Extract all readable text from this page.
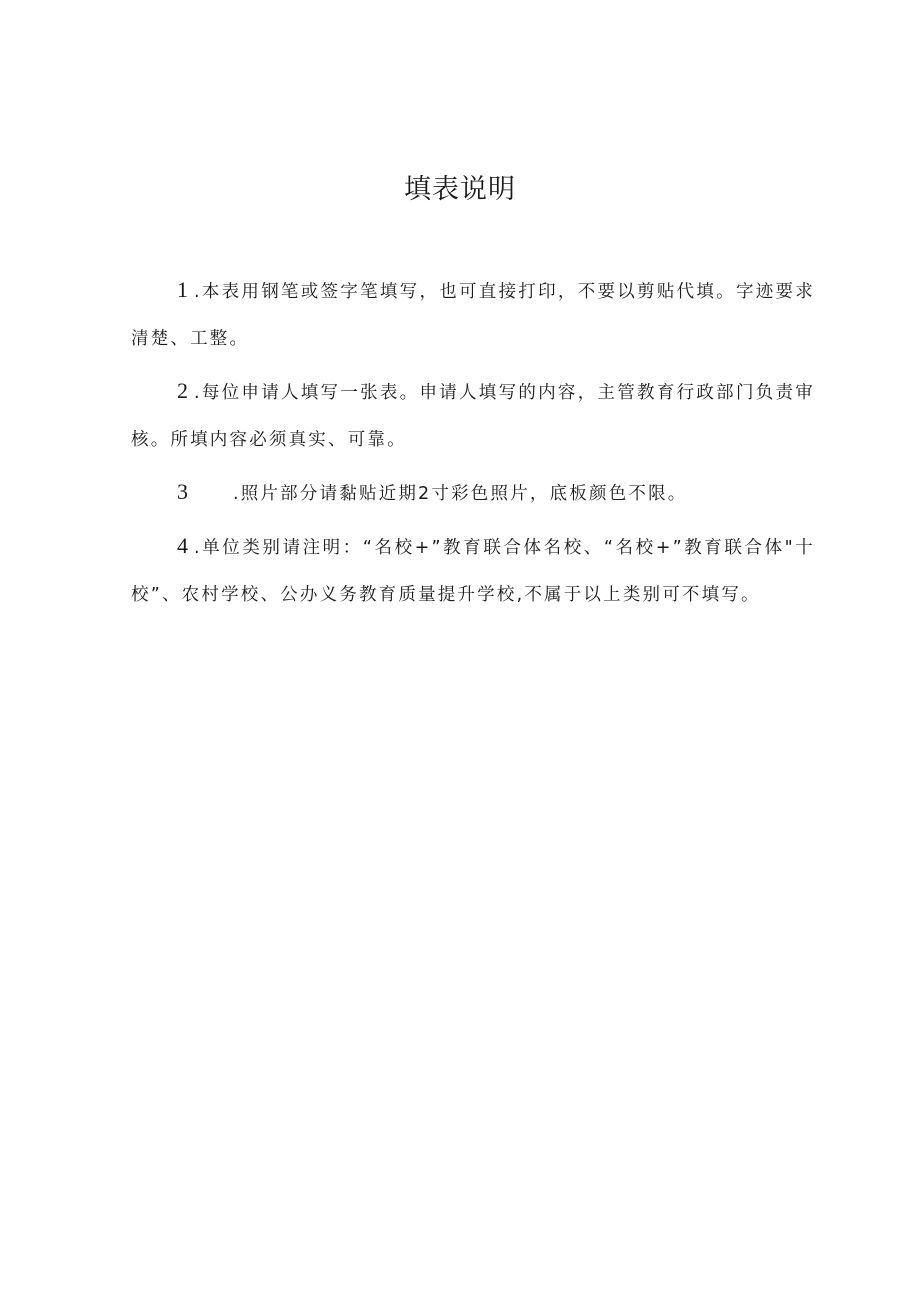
填表说明

1.本表用钢笔或签字笔填写，也可直接打印，不要以剪贴代填。字迹要求清楚、工整。

2.每位申请人填写一张表。申请人填写的内容，主管教育行政部门负责审核。所填内容必须真实、可靠。

3	.照片部分请黏贴近期2寸彩色照片，底板颜色不限。

4.单位类别请注明：“名校+”教育联合体名校、“名校+”教育联合体"十校”、农村学校、公办义务教育质量提升学校,不属于以上类别可不填写。
